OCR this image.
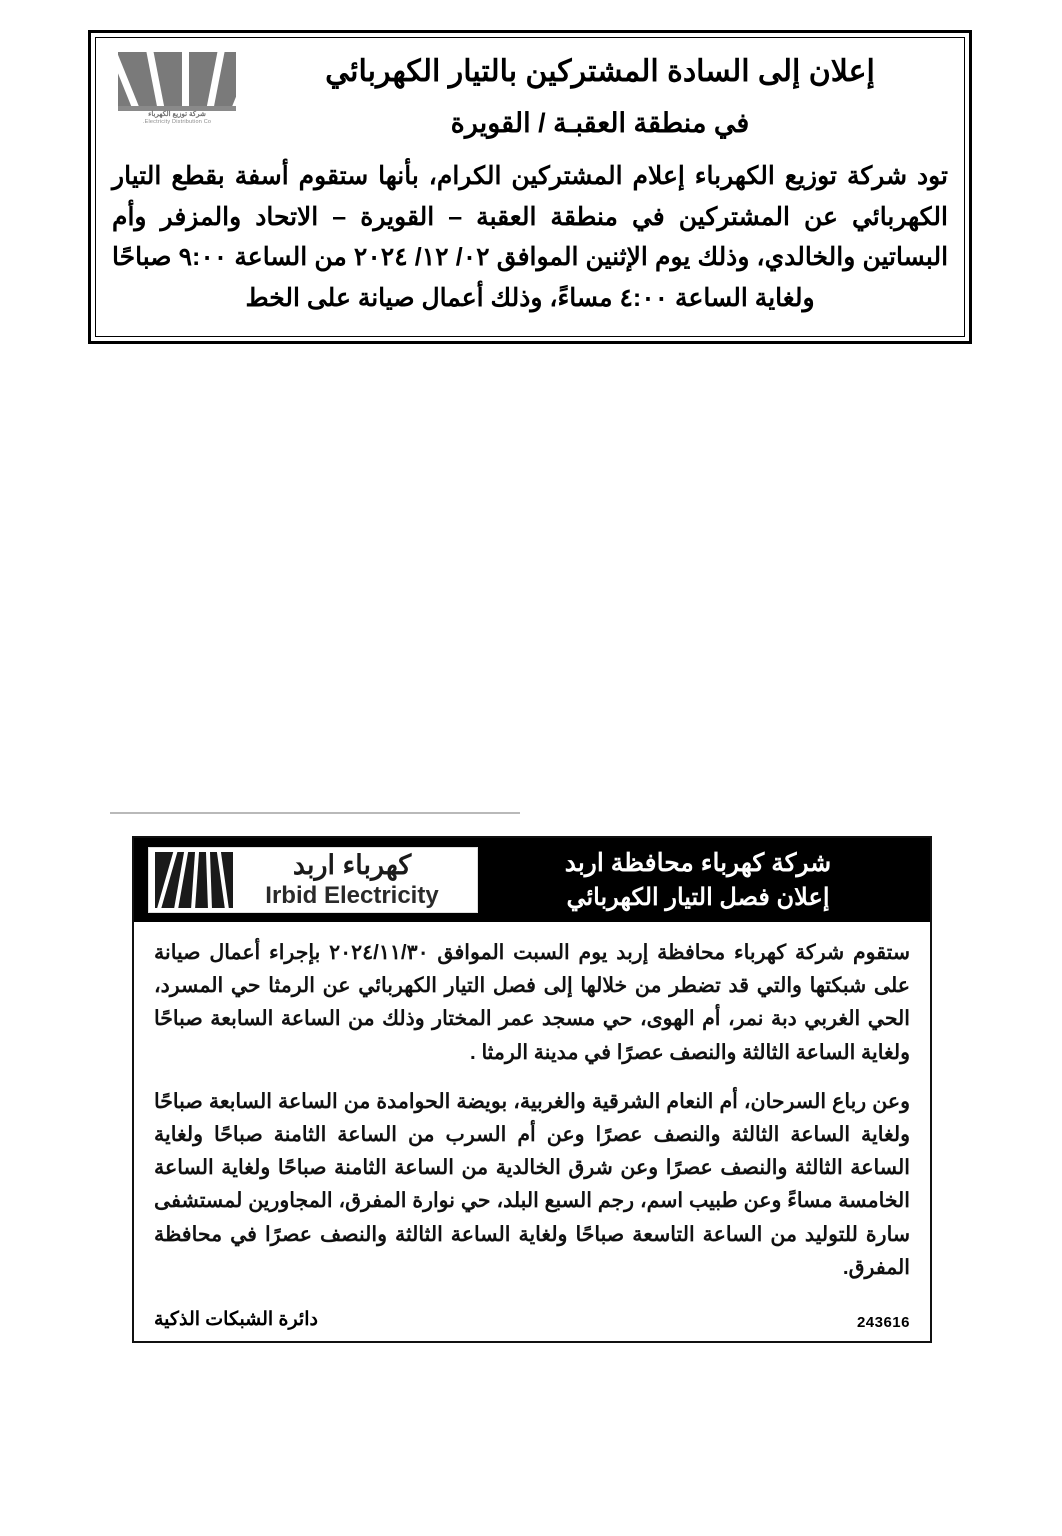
شركة توزيع الكهرباء
Electricity Distribution Co.
إعلان إلى السادة المشتركين بالتيار الكهربائي
في منطقة العقبـة / القويرة
تود شركة توزيع الكهرباء إعلام المشتركين الكرام، بأنها ستقوم أسفة بقطع التيار الكهربائي عن المشتركين في منطقة العقبة – القويرة – الاتحاد والمزفر وأم البساتين والخالدي، وذلك يوم الإثنين الموافق ٠٢/ ١٢/ ٢٠٢٤ من الساعة ٩:٠٠ صباحًا ولغاية الساعة ٤:٠٠ مساءً، وذلك أعمال صيانة على الخط
كهرباء اربد
Irbid Electricity
شركة كهرباء محافظة اربد
إعلان فصل التيار الكهربائي

ستقوم شركة كهرباء محافظة إربد يوم السبت الموافق ٢٠٢٤/١١/٣٠ بإجراء أعمال صيانة على شبكتها والتي قد تضطر من خلالها إلى فصل التيار الكهربائي عن الرمثا حي المسرد، الحي الغربي دبة نمر، أم الهوى، حي مسجد عمر المختار وذلك من الساعة السابعة صباحًا ولغاية الساعة الثالثة والنصف عصرًا في مدينة الرمثا .

وعن رباع السرحان، أم النعام الشرقية والغربية، بويضة الحوامدة من الساعة السابعة صباحًا ولغاية الساعة الثالثة والنصف عصرًا وعن أم السرب من الساعة الثامنة صباحًا ولغاية الساعة الثالثة والنصف عصرًا وعن شرق الخالدية من الساعة الثامنة صباحًا ولغاية الساعة الخامسة مساءً وعن طبيب اسم، رجم السبع البلد، حي نوارة المفرق، المجاورين لمستشفى سارة للتوليد من الساعة التاسعة صباحًا ولغاية الساعة الثالثة والنصف عصرًا في محافظة المفرق.

دائرة الشبكات الذكية	243616
